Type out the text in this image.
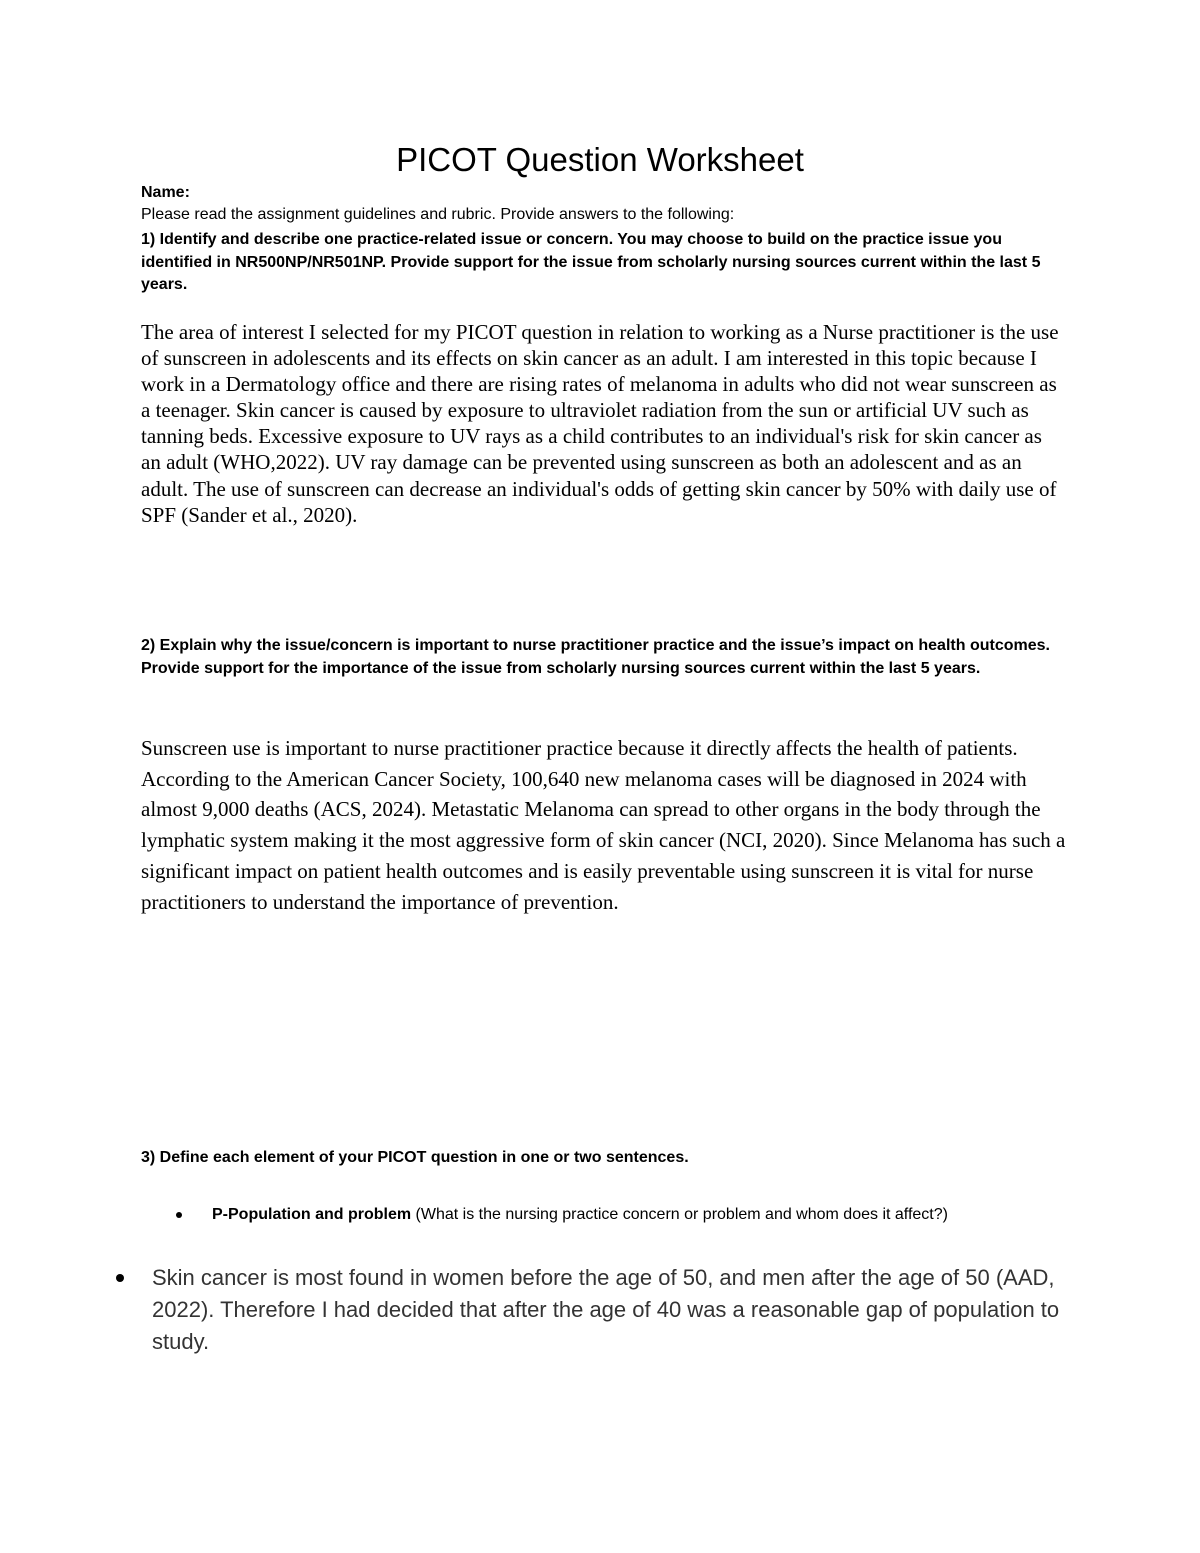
PICOT Question Worksheet
Name:
Please read the assignment guidelines and rubric. Provide answers to the following:

1) Identify and describe one practice-related issue or concern. You may choose to build on the practice issue you identified in NR500NP/NR501NP. Provide support for the issue from scholarly nursing sources current within the last 5 years.

The area of interest I selected for my PICOT question in relation to working as a Nurse practitioner is the use of sunscreen in adolescents and its effects on skin cancer as an adult. I am interested in this topic because I work in a Dermatology office and there are rising rates of melanoma in adults who did not wear sunscreen as a teenager. Skin cancer is caused by exposure to ultraviolet radiation from the sun or artificial UV such as tanning beds. Excessive exposure to UV rays as a child contributes to an individual's risk for skin cancer as an adult (WHO,2022). UV ray damage can be prevented using sunscreen as both an adolescent and as an adult. The use of sunscreen can decrease an individual's odds of getting skin cancer by 50% with daily use of SPF (Sander et al., 2020).

2) Explain why the issue/concern is important to nurse practitioner practice and the issue’s impact on health outcomes. Provide support for the importance of the issue from scholarly nursing sources current within the last 5 years.

Sunscreen use is important to nurse practitioner practice because it directly affects the health of patients. According to the American Cancer Society, 100,640 new melanoma cases will be diagnosed in 2024 with almost 9,000 deaths (ACS, 2024). Metastatic Melanoma can spread to other organs in the body through the lymphatic system making it the most aggressive form of skin cancer (NCI, 2020). Since Melanoma has such a significant impact on patient health outcomes and is easily preventable using sunscreen it is vital for nurse practitioners to understand the importance of prevention.

3) Define each element of your PICOT question in one or two sentences.

P-Population and problem (What is the nursing practice concern or problem and whom does it affect?)
Skin cancer is most found in women before the age of 50, and men after the age of 50 (AAD, 2022). Therefore I had decided that after the age of 40 was a reasonable gap of population to study.
